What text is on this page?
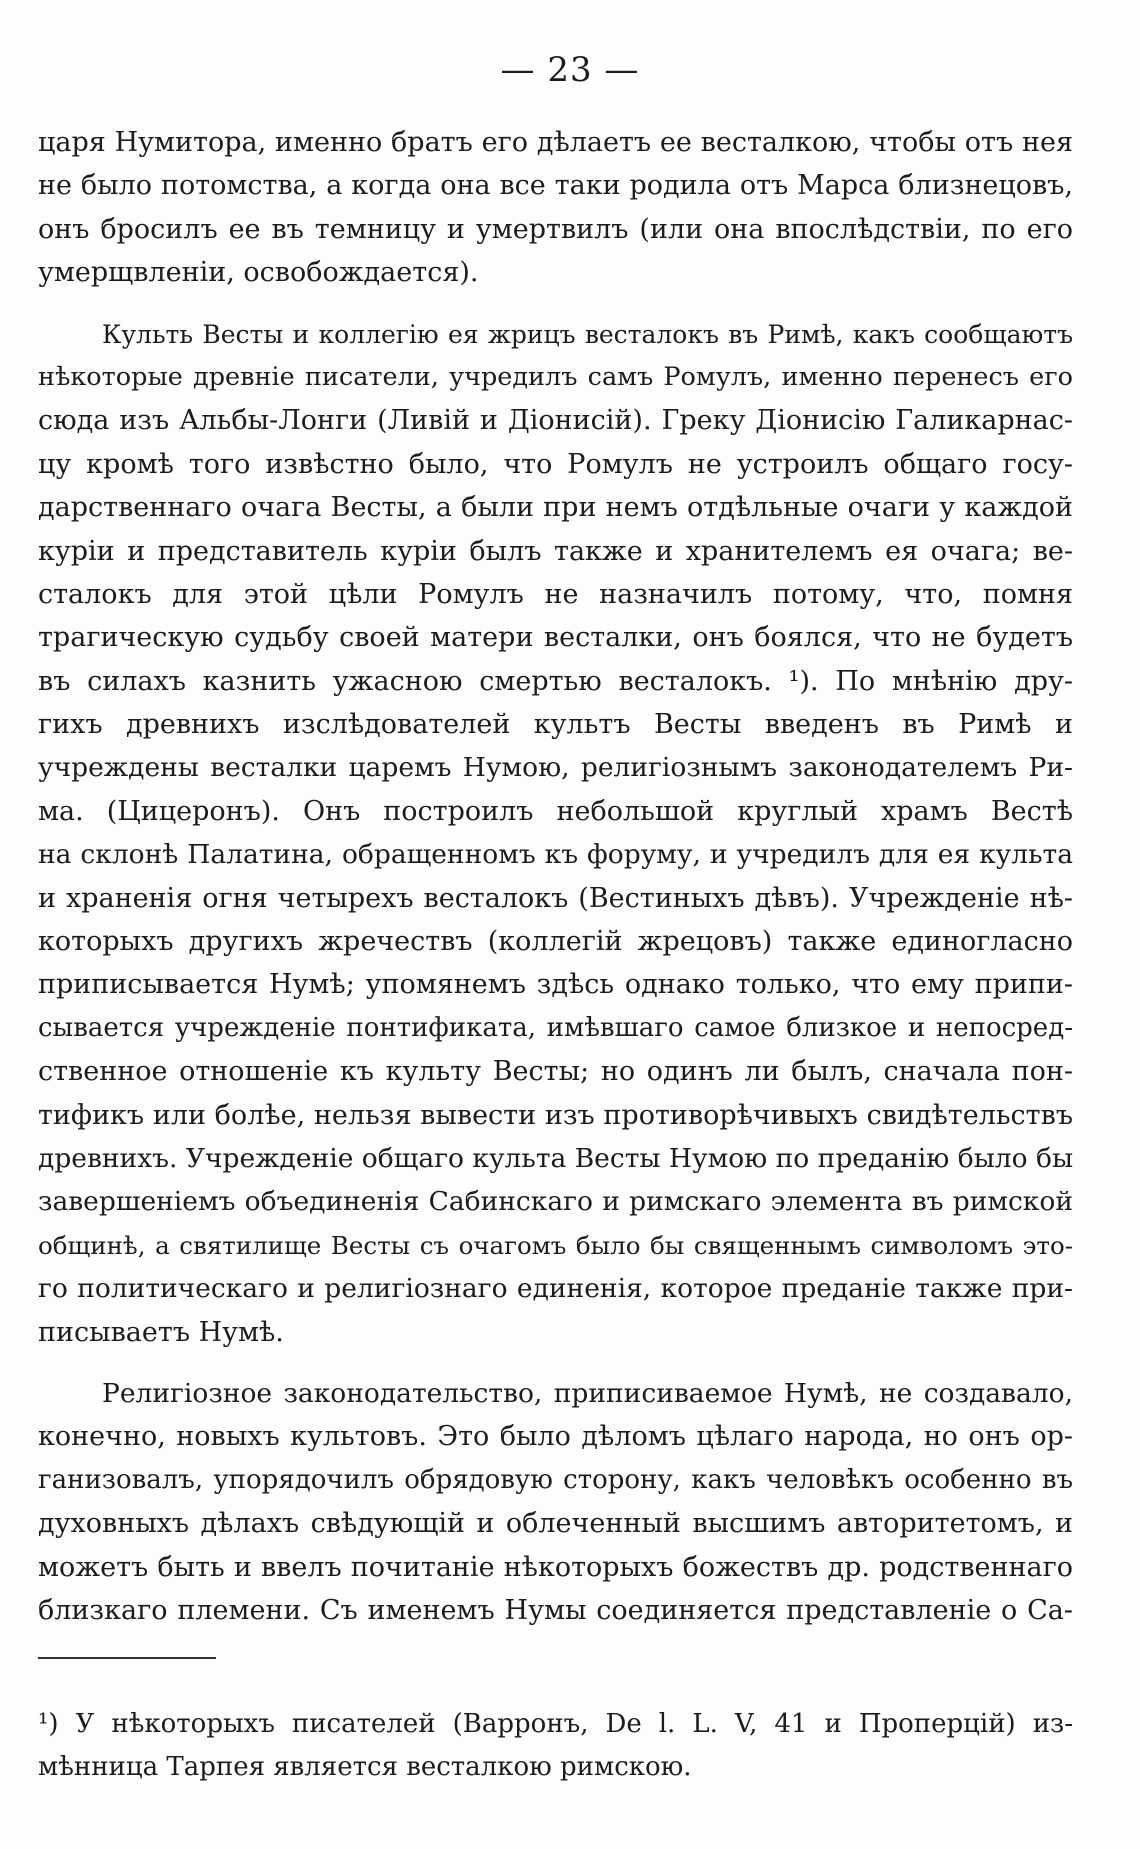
— 23 —
царя Нумитора, именно братъ его дѣлаетъ ее весталкою, чтобы отъ нея
не было потомства, а когда она все таки родила отъ Марса близнецовъ,
онъ бросилъ ее въ темницу и умертвилъ (или она впослѣдствіи, по его
умерщвленіи, освобождается).
Культь Весты и коллегію ея жрицъ весталокъ въ Римѣ, какъ сообщаютъ
нѣкоторые древніе писатели, учредилъ самъ Ромулъ, именно перенесъ его
сюда изъ Альбы-Лонги (Ливій и Діонисій). Греку Діонисію Галикарнас-
цу кромѣ того извѣстно было, что Ромулъ не устроилъ общаго госу-
дарственнаго очага Весты, а были при немъ отдѣльные очаги у каждой
куріи и представитель куріи былъ также и хранителемъ ея очага; ве-
сталокъ для этой цѣли Ромулъ не назначилъ потому, что, помня
трагическую судьбу своей матери весталки, онъ боялся, что не будетъ
въ силахъ казнить ужасною смертью весталокъ. ¹). По мнѣнію дру-
гихъ древнихъ изслѣдователей культъ Весты введенъ въ Римѣ и
учреждены весталки царемъ Нумою, религіознымъ законодателемъ Ри-
ма. (Цицеронъ). Онъ построилъ небольшой круглый храмъ Вестѣ
на склонѣ Палатина, обращенномъ къ форуму, и учредилъ для ея культа
и храненія огня четырехъ весталокъ (Вестиныхъ дѣвъ). Учрежденіе нѣ-
которыхъ другихъ жречествъ (коллегій жрецовъ) также единогласно
приписывается Нумѣ; упомянемъ здѣсь однако только, что ему припи-
сывается учрежденіе понтификата, имѣвшаго самое близкое и непосред-
ственное отношеніе къ культу Весты; но одинъ ли былъ, сначала пон-
тификъ или болѣе, нельзя вывести изъ противорѣчивыхъ свидѣтельствъ
древнихъ. Учрежденіе общаго культа Весты Нумою по преданію было бы
завершеніемъ объединенія Сабинскаго и римскаго элемента въ римской
общинѣ, а святилище Весты съ очагомъ было бы священнымъ символомъ это-
го политическаго и религіознаго единенія, которое преданіе также при-
писываетъ Нумѣ.
Религіозное законодательство, приписиваемое Нумѣ, не создавало,
конечно, новыхъ культовъ. Это было дѣломъ цѣлаго народа, но онъ ор-
ганизовалъ, упорядочилъ обрядовую сторону, какъ человѣкъ особенно въ
духовныхъ дѣлахъ свѣдующій и облеченный высшимъ авторитетомъ, и
можетъ быть и ввелъ почитаніе нѣкоторыхъ божествъ др. родственнаго
близкаго племени. Съ именемъ Нумы соединяется представленіе о Са-
¹) У нѣкоторыхъ писателей (Варронъ, De l. L. V, 41 и Проперцій) из-
мѣнница Тарпея является весталкою римскою.
